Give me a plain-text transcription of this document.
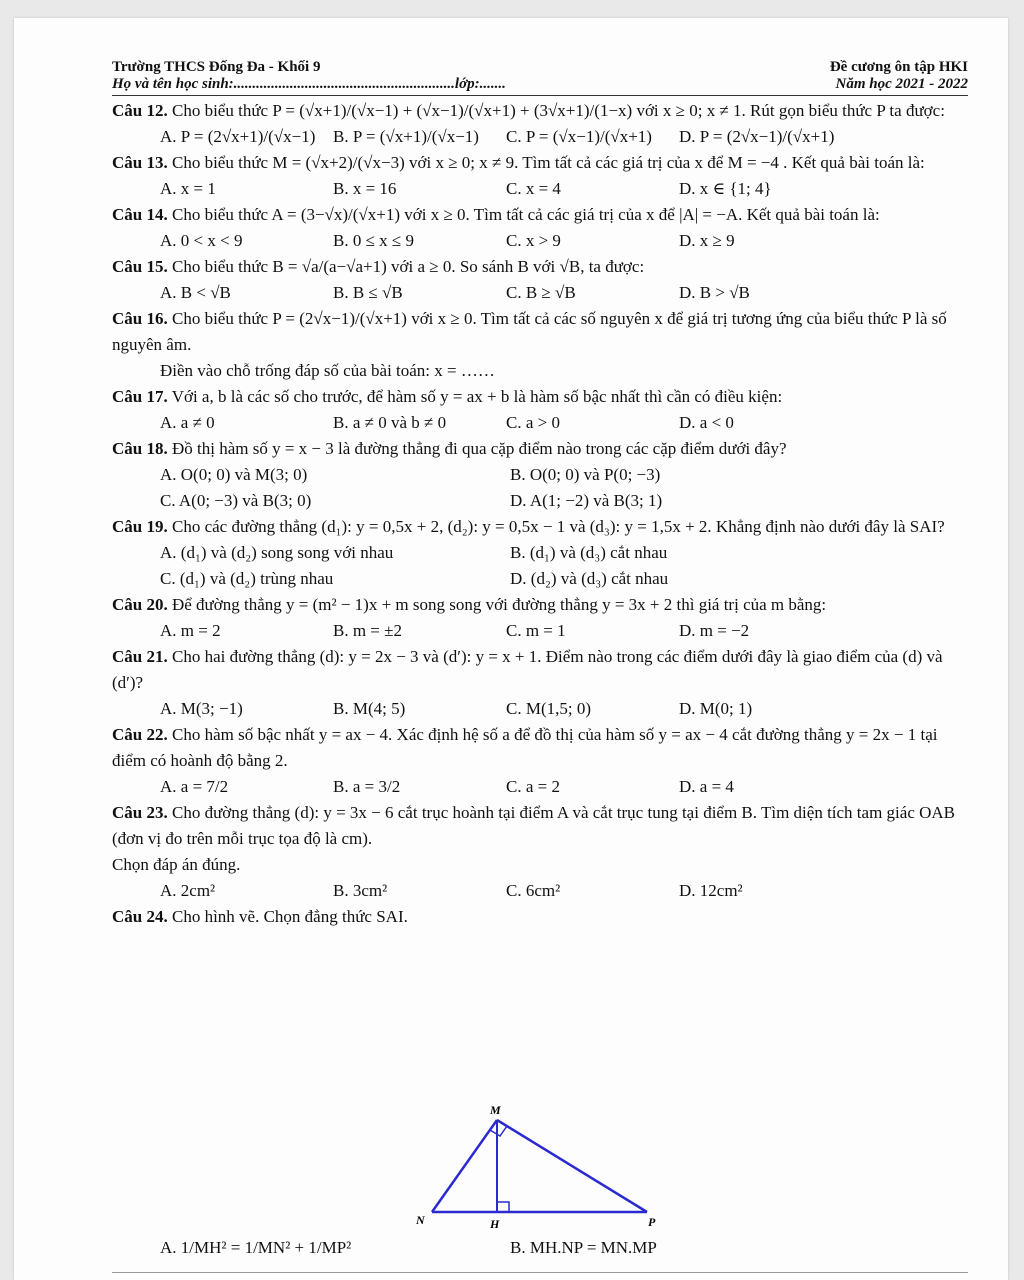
Trường THCS Đống Đa - Khối 9	Đề cương ôn tập HKI
Họ và tên học sinh:...........................................................lớp:.......	Năm học 2021 - 2022
Câu 12. Cho biểu thức P = (√x+1)/(√x−1) + (√x−1)/(√x+1) + (3√x+1)/(1−x) với x ≥ 0; x ≠ 1. Rút gọn biểu thức P ta được:
A. P = (2√x+1)/(√x−1)	B. P = (√x+1)/(√x−1)	C. P = (√x−1)/(√x+1)	D. P = (2√x−1)/(√x+1)
Câu 13. Cho biểu thức M = (√x+2)/(√x−3) với x ≥ 0; x ≠ 9. Tìm tất cả các giá trị của x để M = −4 . Kết quả bài toán là:
A. x = 1	B. x = 16	C. x = 4	D. x ∈ {1; 4}
Câu 14. Cho biểu thức A = (3−√x)/(√x+1) với x ≥ 0. Tìm tất cả các giá trị của x để |A| = −A. Kết quả bài toán là:
A. 0 < x < 9	B. 0 ≤ x ≤ 9	C. x > 9	D. x ≥ 9
Câu 15. Cho biểu thức B = √a/(a−√a+1) với a ≥ 0. So sánh B với √B, ta được:
A. B < √B	B. B ≤ √B	C. B ≥ √B	D. B > √B
Câu 16. Cho biểu thức P = (2√x−1)/(√x+1) với x ≥ 0. Tìm tất cả các số nguyên x để giá trị tương ứng của biểu thức P là số nguyên âm.
Điền vào chỗ trống đáp số của bài toán: x = ……
Câu 17. Với a, b là các số cho trước, để hàm số y = ax + b là hàm số bậc nhất thì cần có điều kiện:
A. a ≠ 0	B. a ≠ 0 và b ≠ 0	C. a > 0	D. a < 0
Câu 18. Đồ thị hàm số y = x − 3 là đường thẳng đi qua cặp điểm nào trong các cặp điểm dưới đây?
A. O(0; 0) và M(3; 0)	B. O(0; 0) và P(0; −3)
C. A(0; −3) và B(3; 0)	D. A(1; −2) và B(3; 1)
Câu 19. Cho các đường thẳng (d₁): y = 0,5x + 2, (d₂): y = 0,5x − 1 và (d₃): y = 1,5x + 2. Khẳng định nào dưới đây là SAI?
A. (d₁) và (d₂) song song với nhau	B. (d₁) và (d₃) cắt nhau
C. (d₁) và (d₂) trùng nhau	D. (d₂) và (d₃) cắt nhau
Câu 20. Để đường thẳng y = (m² − 1)x + m song song với đường thẳng y = 3x + 2 thì giá trị của m bằng:
A. m = 2	B. m = ±2	C. m = 1	D. m = −2
Câu 21. Cho hai đường thẳng (d): y = 2x − 3 và (d′): y = x + 1. Điểm nào trong các điểm dưới đây là giao điểm của (d) và (d′)?
A. M(3; −1)	B. M(4; 5)	C. M(1,5; 0)	D. M(0; 1)
Câu 22. Cho hàm số bậc nhất y = ax − 4. Xác định hệ số a để đồ thị của hàm số y = ax − 4 cắt đường thẳng y = 2x − 1 tại điểm có hoành độ bằng 2.
A. a = 7/2	B. a = 3/2	C. a = 2	D. a = 4
Câu 23. Cho đường thẳng (d): y = 3x − 6 cắt trục hoành tại điểm A và cắt trục tung tại điểm B. Tìm diện tích tam giác OAB (đơn vị đo trên mỗi trục tọa độ là cm).
Chọn đáp án đúng.
A. 2cm²	B. 3cm²	C. 6cm²	D. 12cm²
Câu 24. Cho hình vẽ. Chọn đẳng thức SAI.
M
N	H	P
A. 1/MH² = 1/MN² + 1/MP²	B. MH.NP = MN.MP
